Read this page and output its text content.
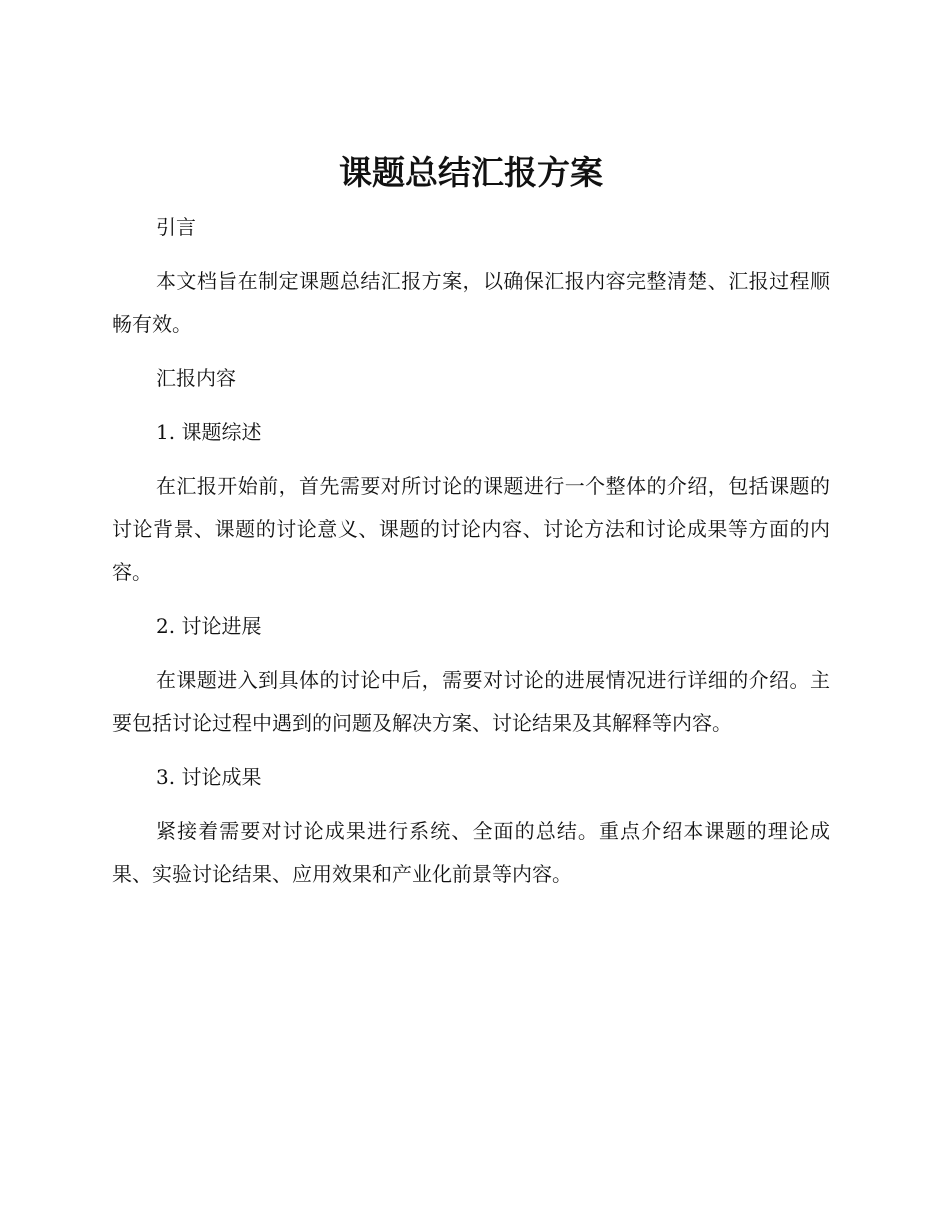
课题总结汇报方案

引言

本文档旨在制定课题总结汇报方案，以确保汇报内容完整清楚、汇报过程顺畅有效。

汇报内容

1. 课题综述

在汇报开始前，首先需要对所讨论的课题进行一个整体的介绍，包括课题的讨论背景、课题的讨论意义、课题的讨论内容、讨论方法和讨论成果等方面的内容。

2. 讨论进展

在课题进入到具体的讨论中后，需要对讨论的进展情况进行详细的介绍。主要包括讨论过程中遇到的问题及解决方案、讨论结果及其解释等内容。

3. 讨论成果

紧接着需要对讨论成果进行系统、全面的总结。重点介绍本课题的理论成果、实验讨论结果、应用效果和产业化前景等内容。
